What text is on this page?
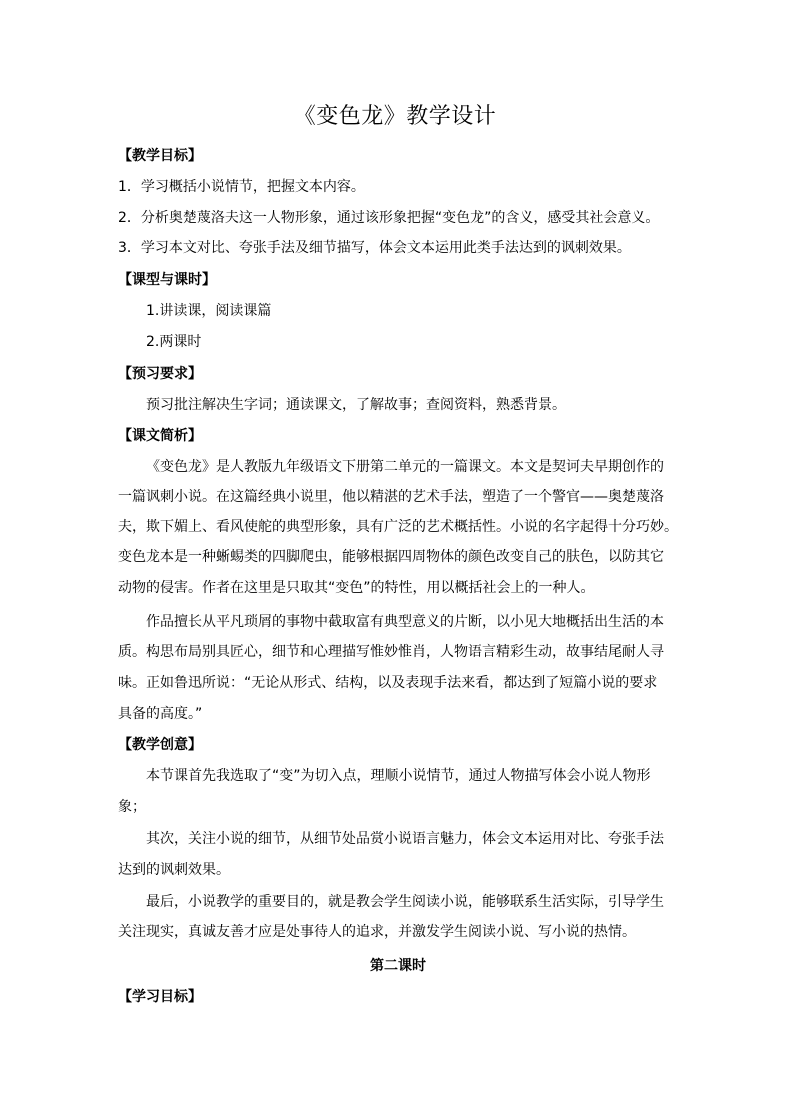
《变色龙》教学设计
【教学目标】
1．学习概括小说情节，把握文本内容。
2．分析奥楚蔑洛夫这一人物形象，通过该形象把握“变色龙”的含义，感受其社会意义。
3．学习本文对比、夸张手法及细节描写，体会文本运用此类手法达到的讽刺效果。
【课型与课时】
1.讲读课，阅读课篇
2.两课时
【预习要求】
预习批注解决生字词；通读课文，了解故事；查阅资料，熟悉背景。
【课文简析】
《变色龙》是人教版九年级语文下册第二单元的一篇课文。本文是契诃夫早期创作的
一篇讽刺小说。在这篇经典小说里，他以精湛的艺术手法，塑造了一个警官——奥楚蔑洛
夫，欺下媚上、看风使舵的典型形象，具有广泛的艺术概括性。小说的名字起得十分巧妙。
变色龙本是一种蜥蜴类的四脚爬虫，能够根据四周物体的颜色改变自己的肤色，以防其它
动物的侵害。作者在这里是只取其“变色”的特性，用以概括社会上的一种人。
作品擅长从平凡琐屑的事物中截取富有典型意义的片断，以小见大地概括出生活的本
质。构思布局别具匠心，细节和心理描写惟妙惟肖，人物语言精彩生动，故事结尾耐人寻
味。正如鲁迅所说：“无论从形式、结构，以及表现手法来看，都达到了短篇小说的要求
具备的高度。”
【教学创意】
本节课首先我选取了“变”为切入点，理顺小说情节，通过人物描写体会小说人物形
象；
其次，关注小说的细节，从细节处品赏小说语言魅力，体会文本运用对比、夸张手法
达到的讽刺效果。
最后，小说教学的重要目的，就是教会学生阅读小说，能够联系生活实际，引导学生
关注现实，真诚友善才应是处事待人的追求，并激发学生阅读小说、写小说的热情。
第二课时
【学习目标】
